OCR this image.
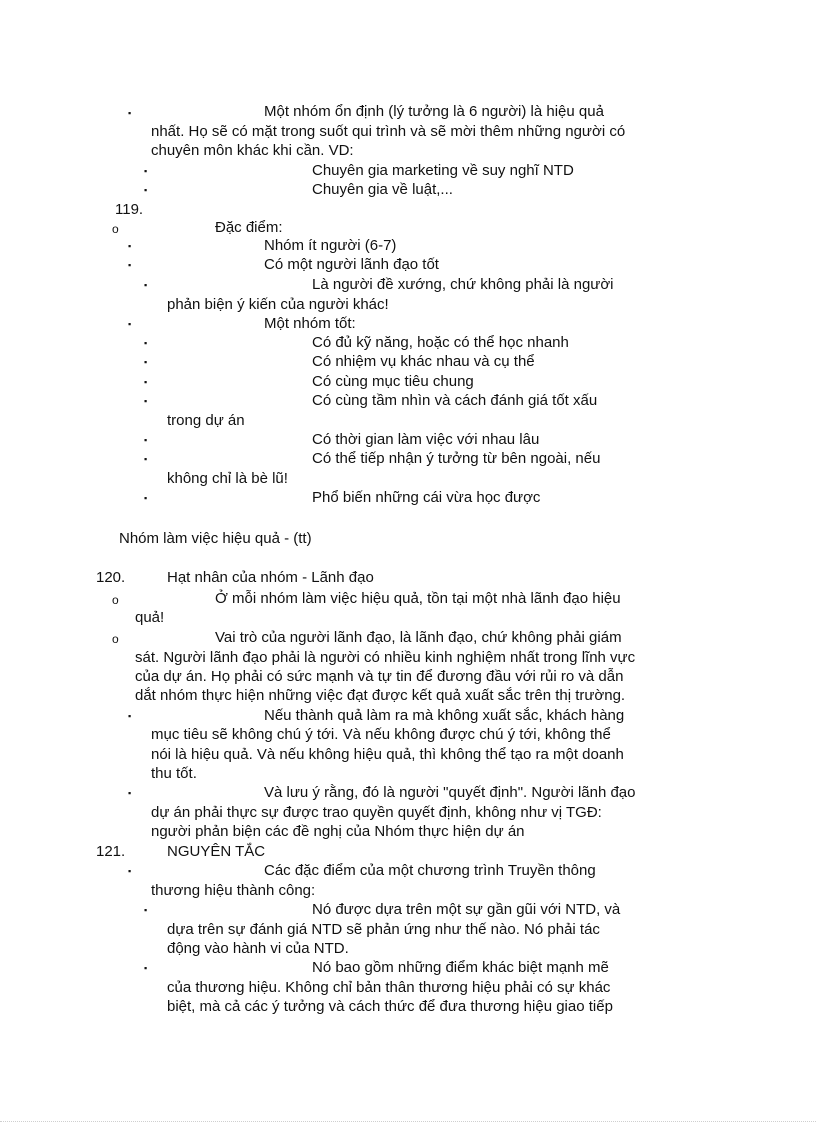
▪
▪
▪
o
▪
▪
▪
▪
▪
▪
▪
▪
▪
▪
▪
o
o
▪
▪
▪
▪
▪
Một nhóm ổn định (lý tưởng là 6 người) là hiệu quả
nhất. Họ sẽ có mặt trong suốt qui trình và sẽ mời thêm những người có
chuyên môn khác khi cần. VD:
Chuyên gia marketing về suy nghĩ NTD
Chuyên gia về luật,...
119.
Đặc điểm:
Nhóm ít người (6-7)
Có một người lãnh đạo tốt
Là người đề xướng, chứ không phải là người
phản biện ý kiến của người khác!
Một nhóm tốt:
Có đủ kỹ năng, hoặc có thể học nhanh
Có nhiệm vụ khác nhau và cụ thể
Có cùng mục tiêu chung
Có cùng tầm nhìn và cách đánh giá tốt xấu
trong dự án
Có thời gian làm việc với nhau lâu
Có thể tiếp nhận ý tưởng từ bên ngoài, nếu
không chỉ là bè lũ!
Phổ biến những cái vừa học được
Nhóm làm việc hiệu quả - (tt)
120.	Hạt nhân của nhóm - Lãnh đạo
Ở mỗi nhóm làm việc hiệu quả, tồn tại một nhà lãnh đạo hiệu
quả!
Vai trò của người lãnh đạo, là lãnh đạo, chứ không phải giám
sát. Người lãnh đạo phải là người có nhiều kinh nghiệm nhất trong lĩnh vực
của dự án. Họ phải có sức mạnh và tự tin để đương đầu với rủi ro và dẫn
dắt nhóm thực hiện những việc đạt được kết quả xuất sắc trên thị trường.
Nếu thành quả làm ra mà không xuất sắc, khách hàng
mục tiêu sẽ không chú ý tới. Và nếu không được chú ý tới, không thể
nói là hiệu quả. Và nếu không hiệu quả, thì không thể tạo ra một doanh
thu tốt.
Và lưu ý rằng, đó là người "quyết định". Người lãnh đạo
dự án phải thực sự được trao quyền quyết định, không như vị TGĐ:
người phản biện các đề nghị của Nhóm thực hiện dự án
121.	NGUYÊN TẮC
Các đặc điểm của một chương trình Truyền thông
thương hiệu thành công:
Nó được dựa trên một sự gần gũi với NTD, và
dựa trên sự đánh giá NTD sẽ phản ứng như thế nào. Nó phải tác
động vào hành vi của NTD.
Nó bao gồm những điểm khác biệt mạnh mẽ
của thương hiệu. Không chỉ bản thân thương hiệu phải có sự khác
biệt, mà cả các ý tưởng và cách thức để đưa thương hiệu giao tiếp
